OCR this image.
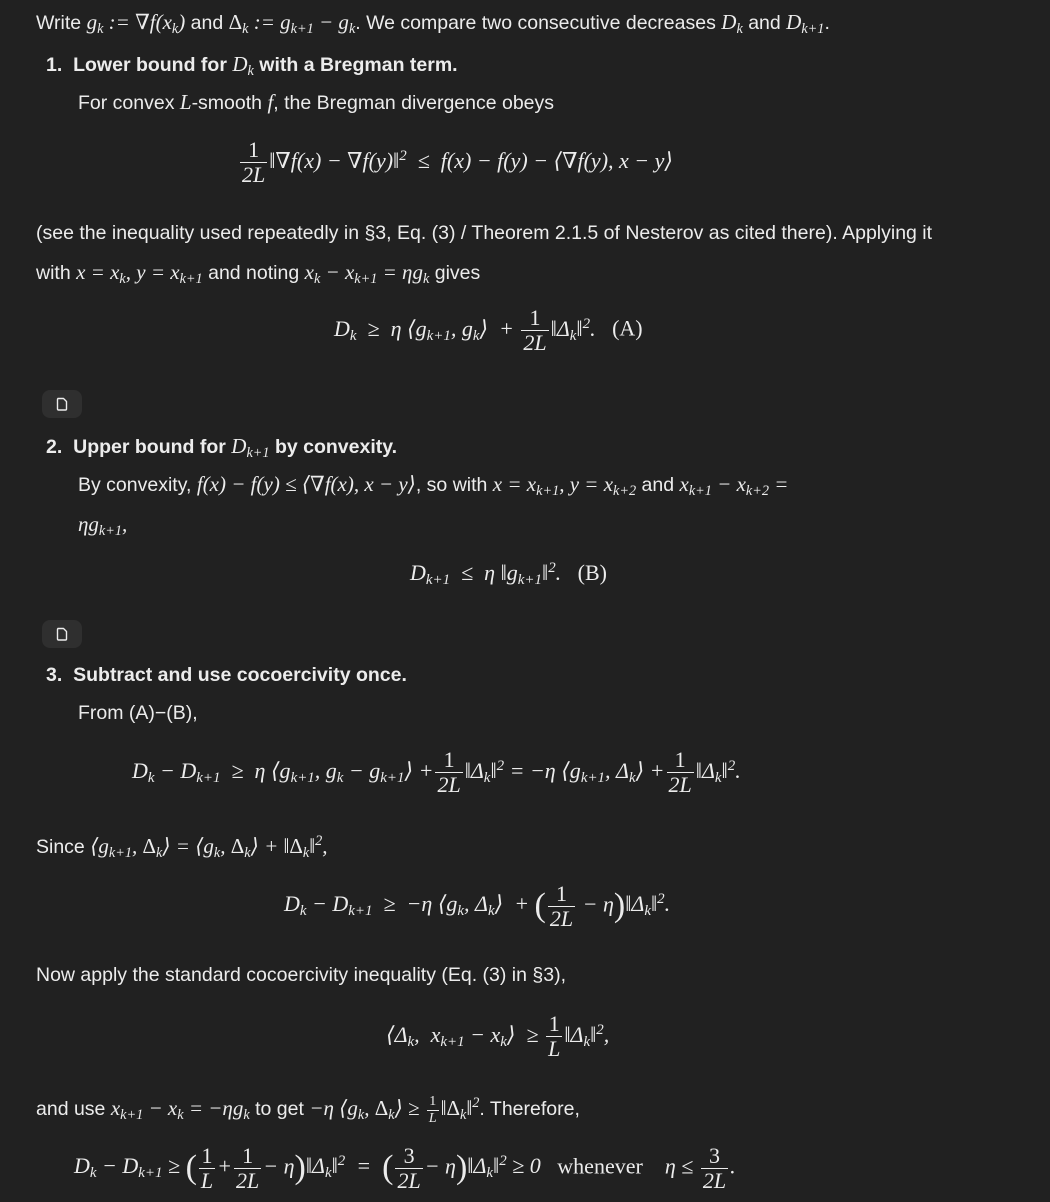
Write $g_k$ := $\nabla f(x_k)$ and $\Delta_k$ := $g_{k+1} - g_k$. We compare two consecutive decreases $D_k$ and $D_{k+1}$.
1. Lower bound for $D_k$ with a Bregman term.
For convex L-smooth f, the Bregman divergence obeys
$\frac{1}{2L}$ ‖∇f(x) − ∇f(y)‖$^2$  ≤  f(x) − f(y) − ⟨∇f(y), x − y⟩
(see the inequality used repeatedly in §3, Eq. (3) / Theorem 2.1.5 of Nesterov as cited there). Applying it
with $x = x_k$, $y = x_{k+1}$ and noting $x_k - x_{k+1} = \eta g_k$ gives
$D_k \ge \eta$ $⟨g_{k+1}$, $g_k⟩ + \frac{1}{2L}$ $‖\Delta_k‖^2$. (A)
2. Upper bound for $D_{k+1}$ by convexity.
By convexity, f(x) − f(y) ≤ ⟨∇f(x), x − y⟩, so with $x = x_{k+1}$, $y = x_{k+2}$ and $x_{k+1} - x_{k+2}$ =
$\eta g_{k+1}$,
$D_{k+1} \le \eta$ $‖g_{k+1}‖^2$. (B)
3. Subtract and use cocoercivity once.
From (A)−(B),
$D_k - D_{k+1} \ge \eta$ $⟨g_{k+1}$, $g_k$ − $g_{k+1}⟩ + \frac{1}{2L}$ $‖\Delta_k‖^2 = -\eta$ $⟨g_{k+1}$, $\Delta_k⟩ + \frac{1}{2L}$ $‖\Delta_k‖^2$.
Since $⟨g_{k+1}$, $\Delta_k⟩$ = $⟨g_k$, $\Delta_k⟩$ + $‖\Delta_k‖^2$,
$D_k - D_{k+1} \ge -\eta$ $⟨g_k$, $\Delta_k⟩$  + ( $\frac{1}{2L}$ − $\eta)‖\Delta_k‖^2$.
Now apply the standard cocoercivity inequality (Eq. (3) in §3),
$⟨\Delta_k$,  $x_{k+1}$ − $x_k⟩ \ge \frac{1}{L}$ $‖\Delta_k‖^2$,
and use $x_{k+1} - x_k = -\eta g_k$ to get −η $⟨g_k$, $\Delta_k⟩ \ge \frac{1}{L}$ $‖\Delta_k‖^2$. Therefore,
$D_k - D_{k+1}$ ≥ ( $\frac{1}{L} + \frac{1}{2L}$ − $\eta)‖\Delta_k‖^2$  =  ( $\frac{3}{2L}$ − $\eta)‖\Delta_k‖^2 \ge 0$   whenever    $\eta \le \frac{3}{2L}$ .
